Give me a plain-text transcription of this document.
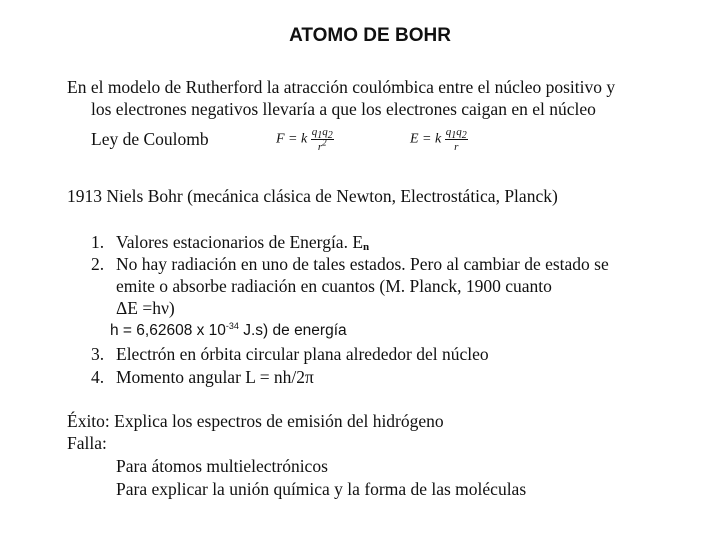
ATOMO DE BOHR
En el modelo de Rutherford la atracción coulómbica entre el núcleo positivo y
los electrones negativos llevaría a que los electrones caigan en el núcleo
Ley de Coulomb	F = k $\frac{q_1q_2}{r^2}$	E = k $\frac{q_1q_2}{r}$
1913 Niels Bohr (mecánica clásica de Newton, Electrostática, Planck)
1. Valores estacionarios de Energía. En
2. No hay radiación en uno de tales estados. Pero al cambiar de estado se
emite o absorbe radiación en cuantos (M. Planck, 1900 cuanto
ΔE =hν)
h = 6,62608 x $10^{-34}$ J.s) de energía
3. Electrón en órbita circular plana alrededor del núcleo
4. Momento angular L = nh/2π
Éxito: Explica los espectros de emisión del hidrógeno
Falla:
Para átomos multielectrónicos
Para explicar la unión química y la forma de las moléculas
